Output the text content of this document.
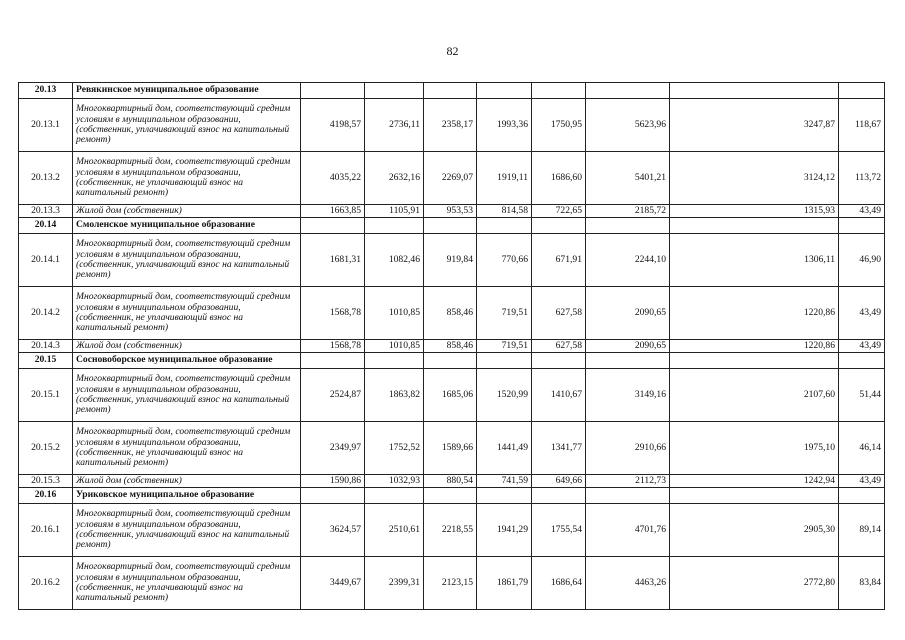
82
20.13	Ревякинское муниципальное образование								
20.13.1	Многоквартирный дом, соответствующий средним условиям в муниципальном образовании, (собственник, уплачивающий взнос на капитальный ремонт)	4198,57	2736,11	2358,17	1993,36	1750,95	5623,96	3247,87	118,67
20.13.2	Многоквартирный дом, соответствующий средним условиям в муниципальном образовании, (собственник, не уплачивающий взнос на капитальный ремонт)	4035,22	2632,16	2269,07	1919,11	1686,60	5401,21	3124,12	113,72
20.13.3	Жилой дом (собственник)	1663,85	1105,91	953,53	814,58	722,65	2185,72	1315,93	43,49
20.14	Смоленское муниципальное образование								
20.14.1	Многоквартирный дом, соответствующий средним условиям в муниципальном образовании, (собственник, уплачивающий взнос на капитальный ремонт)	1681,31	1082,46	919,84	770,66	671,91	2244,10	1306,11	46,90
20.14.2	Многоквартирный дом, соответствующий средним условиям в муниципальном образовании, (собственник, не уплачивающий взнос на капитальный ремонт)	1568,78	1010,85	858,46	719,51	627,58	2090,65	1220,86	43,49
20.14.3	Жилой дом (собственник)	1568,78	1010,85	858,46	719,51	627,58	2090,65	1220,86	43,49
20.15	Сосновоборское муниципальное образование								
20.15.1	Многоквартирный дом, соответствующий средним условиям в муниципальном образовании, (собственник, уплачивающий взнос на капитальный ремонт)	2524,87	1863,82	1685,06	1520,99	1410,67	3149,16	2107,60	51,44
20.15.2	Многоквартирный дом, соответствующий средним условиям в муниципальном образовании, (собственник, не уплачивающий взнос на капитальный ремонт)	2349,97	1752,52	1589,66	1441,49	1341,77	2910,66	1975,10	46,14
20.15.3	Жилой дом (собственник)	1590,86	1032,93	880,54	741,59	649,66	2112,73	1242,94	43,49
20.16	Уриковское муниципальное образование								
20.16.1	Многоквартирный дом, соответствующий средним условиям в муниципальном образовании, (собственник, уплачивающий взнос на капитальный ремонт)	3624,57	2510,61	2218,55	1941,29	1755,54	4701,76	2905,30	89,14
20.16.2	Многоквартирный дом, соответствующий средним условиям в муниципальном образовании, (собственник, не уплачивающий взнос на капитальный ремонт)	3449,67	2399,31	2123,15	1861,79	1686,64	4463,26	2772,80	83,84
